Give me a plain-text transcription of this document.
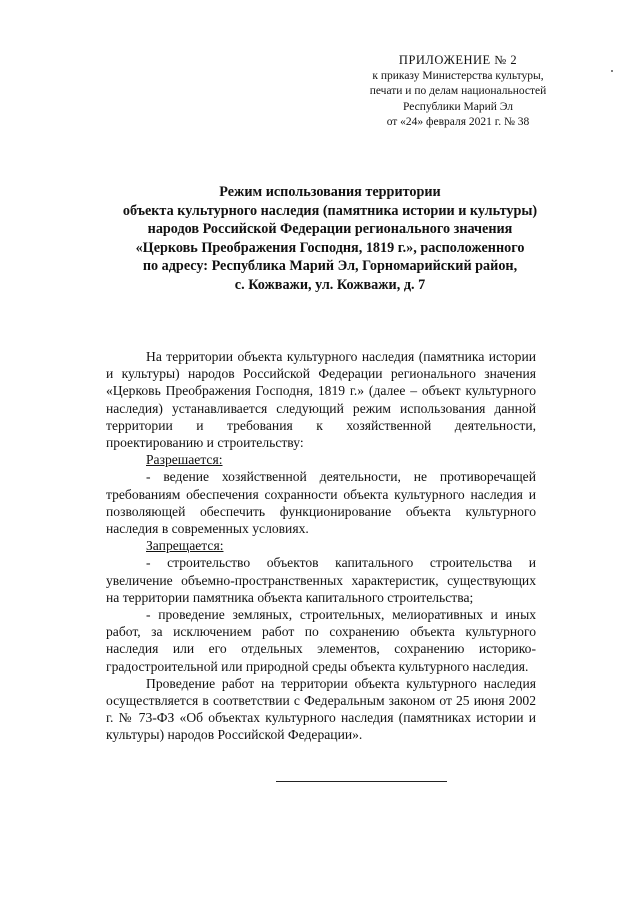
ПРИЛОЖЕНИЕ № 2
к приказу Министерства культуры,
печати и по делам национальностей
Республики Марий Эл
от «24» февраля 2021 г. № 38
Режим использования территории
объекта культурного наследия (памятника истории и культуры)
народов Российской Федерации регионального значения
«Церковь Преображения Господня, 1819 г.», расположенного
по адресу: Республика Марий Эл, Горномарийский район,
с. Кожважи, ул. Кожважи, д. 7

На территории объекта культурного наследия (памятника истории и культуры) народов Российской Федерации регионального значения «Церковь Преображения Господня, 1819 г.» (далее – объект культурного наследия) устанавливается следующий режим использования данной территории и требования к хозяйственной деятельности, проектированию и строительству:

Разрешается:

- ведение хозяйственной деятельности, не противоречащей требованиям обеспечения сохранности объекта культурного наследия и позволяющей обеспечить функционирование объекта культурного наследия в современных условиях.

Запрещается:

- строительство объектов капитального строительства и увеличение объемно-пространственных характеристик, существующих на территории памятника объекта капитального строительства;

- проведение земляных, строительных, мелиоративных и иных работ, за исключением работ по сохранению объекта культурного наследия или его отдельных элементов, сохранению историко-градостроительной или природной среды объекта культурного наследия.

Проведение работ на территории объекта культурного наследия осуществляется в соответствии с Федеральным законом от 25 июня 2002 г. № 73-ФЗ «Об объектах культурного наследия (памятниках истории и культуры) народов Российской Федерации».
